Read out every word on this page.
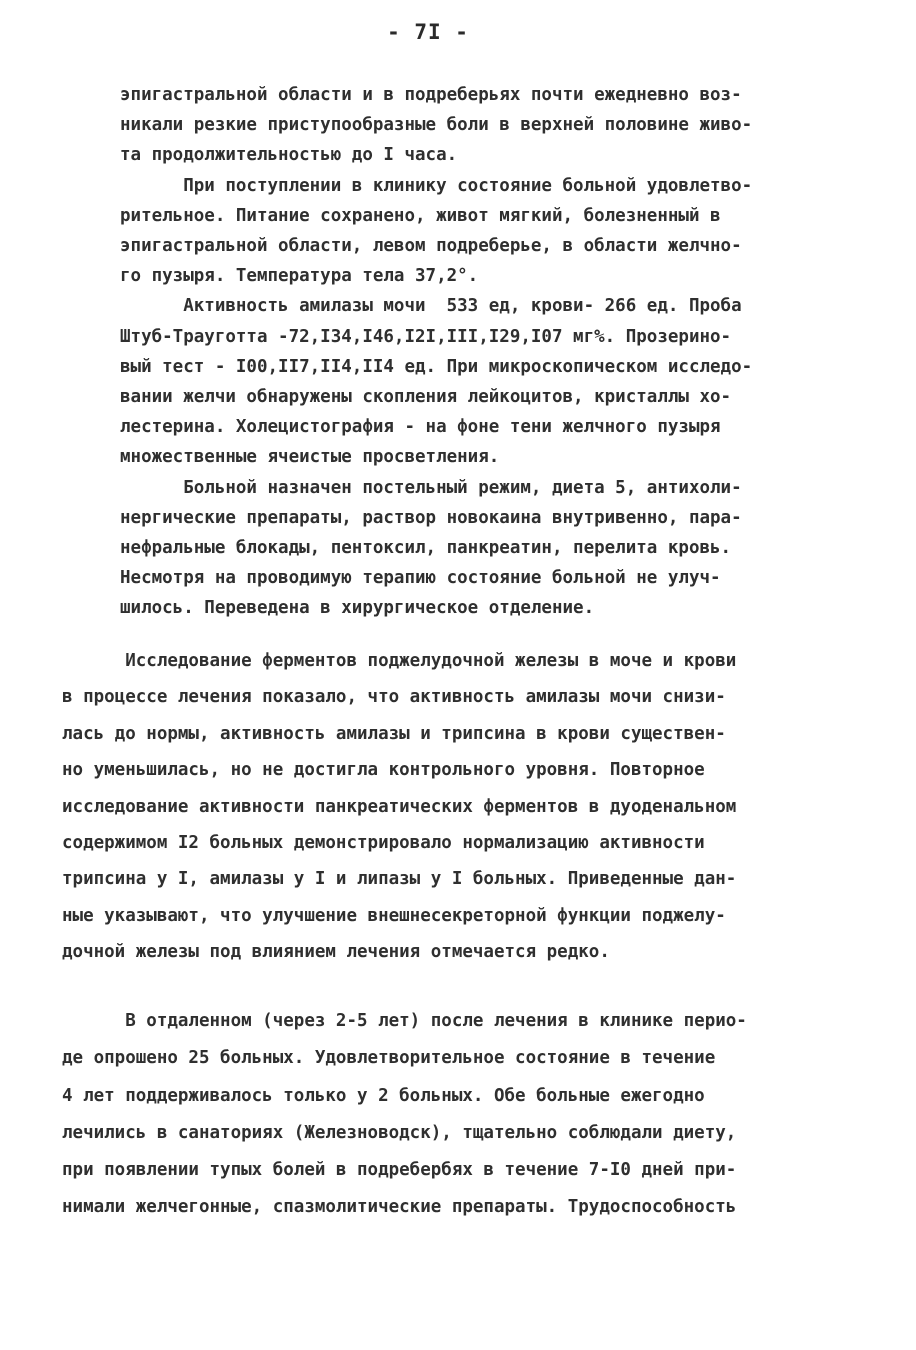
- 7I -
эпигастральной области и в подреберьях почти ежедневно воз-
никали резкие приступообразные боли в верхней половине живо-
та продолжительностью до I часа.
При поступлении в клинику состояние больной удовлетво-
рительное. Питание сохранено, живот мягкий, болезненный в
эпигастральной области, левом подреберье, в области желчно-
го пузыря. Температура тела 37,2°.
Активность амилазы мочи  533 ед, крови- 266 ед. Проба
Штуб-Трауготта -72,I34,I46,I2I,III,I29,I07 мг%. Прозерино-
вый тест - I00,II7,II4,II4 ед. При микроскопическом исследо-
вании желчи обнаружены скопления лейкоцитов, кристаллы хо-
лестерина. Холецистография - на фоне тени желчного пузыря
множественные ячеистые просветления.
Больной назначен постельный режим, диета 5, антихоли-
нергические препараты, раствор новокаина внутривенно, пара-
нефральные блокады, пентоксил, панкреатин, перелита кровь.
Несмотря на проводимую терапию состояние больной не улуч-
шилось. Переведена в хирургическое отделение.
Исследование ферментов поджелудочной железы в моче и крови
в процессе лечения показало, что активность амилазы мочи снизи-
лась до нормы, активность амилазы и трипсина в крови существен-
но уменьшилась, но не достигла контрольного уровня. Повторное
исследование активности панкреатических ферментов в дуоденальном
содержимом I2 больных демонстрировало нормализацию активности
трипсина у I, амилазы у I и липазы у I больных. Приведенные дан-
ные указывают, что улучшение внешнесекреторной функции поджелу-
дочной железы под влиянием лечения отмечается редко.
В отдаленном (через 2-5 лет) после лечения в клинике перио-
де опрошено 25 больных. Удовлетворительное состояние в течение
4 лет поддерживалось только у 2 больных. Обе больные ежегодно
лечились в санаториях (Железноводск), тщательно соблюдали диету,
при появлении тупых болей в подребербях в течение 7-I0 дней при-
нимали желчегонные, спазмолитические препараты. Трудоспособность
